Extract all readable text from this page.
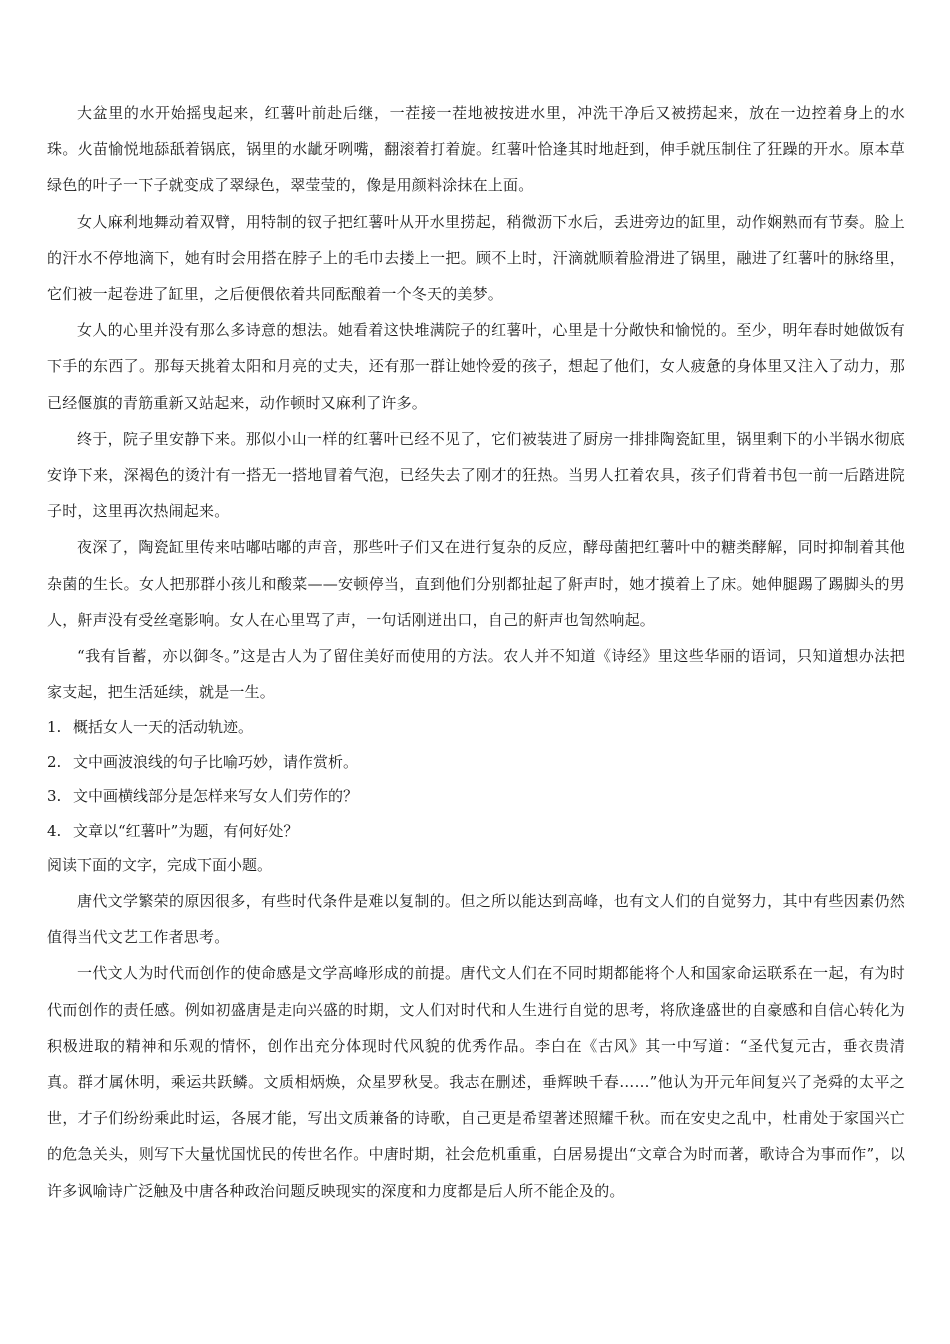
大盆里的水开始摇曳起来，红薯叶前赴后继，一茬接一茬地被按进水里，冲洗干净后又被捞起来，放在一边控着身上的水珠。火苗愉悦地舔舐着锅底，锅里的水龇牙咧嘴，翻滚着打着旋。红薯叶恰逢其时地赶到，伸手就压制住了狂躁的开水。原本草绿色的叶子一下子就变成了翠绿色，翠莹莹的，像是用颜料涂抹在上面。

女人麻利地舞动着双臂，用特制的钗子把红薯叶从开水里捞起，稍微沥下水后，丢进旁边的缸里，动作娴熟而有节奏。脸上的汗水不停地滴下，她有时会用搭在脖子上的毛巾去搂上一把。顾不上时，汗滴就顺着脸滑进了锅里，融进了红薯叶的脉络里，它们被一起卷进了缸里，之后便偎依着共同酝酿着一个冬天的美梦。

女人的心里并没有那么多诗意的想法。她看着这快堆满院子的红薯叶，心里是十分敞快和愉悦的。至少，明年春时她做饭有下手的东西了。那每天挑着太阳和月亮的丈夫，还有那一群让她怜爱的孩子，想起了他们，女人疲惫的身体里又注入了动力，那已经偃旗的青筋重新又站起来，动作顿时又麻利了许多。

终于，院子里安静下来。那似小山一样的红薯叶已经不见了，它们被装进了厨房一排排陶瓷缸里，锅里剩下的小半锅水彻底安诤下来，深褐色的烫汁有一搭无一搭地冒着气泡，已经失去了刚才的狂热。当男人扛着农具，孩子们背着书包一前一后踏进院子时，这里再次热闹起来。

夜深了，陶瓷缸里传来咕嘟咕嘟的声音，那些叶子们又在进行复杂的反应，酵母菌把红薯叶中的糖类酵解，同时抑制着其他杂菌的生长。女人把那群小孩儿和酸菜——安顿停当，直到他们分别都扯起了鼾声时，她才摸着上了床。她伸腿踢了踢脚头的男人，鼾声没有受丝毫影响。女人在心里骂了声，一句话刚迸出口，自己的鼾声也訇然响起。

“我有旨蓄，亦以御冬。”这是古人为了留住美好而使用的方法。农人并不知道《诗经》里这些华丽的语词，只知道想办法把家支起，把生活延续，就是一生。

1. 概括女人一天的活动轨迹。
2. 文中画波浪线的句子比喻巧妙，请作赏析。
3. 文中画横线部分是怎样来写女人们劳作的？
4. 文章以“红薯叶”为题，有何好处？

阅读下面的文字，完成下面小题。

唐代文学繁荣的原因很多，有些时代条件是难以复制的。但之所以能达到高峰，也有文人们的自觉努力，其中有些因素仍然值得当代文艺工作者思考。

一代文人为时代而创作的使命感是文学高峰形成的前提。唐代文人们在不同时期都能将个人和国家命运联系在一起，有为时代而创作的责任感。例如初盛唐是走向兴盛的时期，文人们对时代和人生进行自觉的思考，将欣逢盛世的自豪感和自信心转化为积极进取的精神和乐观的情怀，创作出充分体现时代风貌的优秀作品。李白在《古风》其一中写道：“圣代复元古，垂衣贵清真。群才属休明，乘运共跃鳞。文质相炳焕，众星罗秋旻。我志在删述，垂辉映千春……”他认为开元年间复兴了尧舜的太平之世，才子们纷纷乘此时运，各展才能，写出文质兼备的诗歌，自己更是希望著述照耀千秋。而在安史之乱中，杜甫处于家国兴亡的危急关头，则写下大量忧国忧民的传世名作。中唐时期，社会危机重重，白居易提出“文章合为时而著，歌诗合为事而作”，以许多讽喻诗广泛触及中唐各种政治问题反映现实的深度和力度都是后人所不能企及的。
